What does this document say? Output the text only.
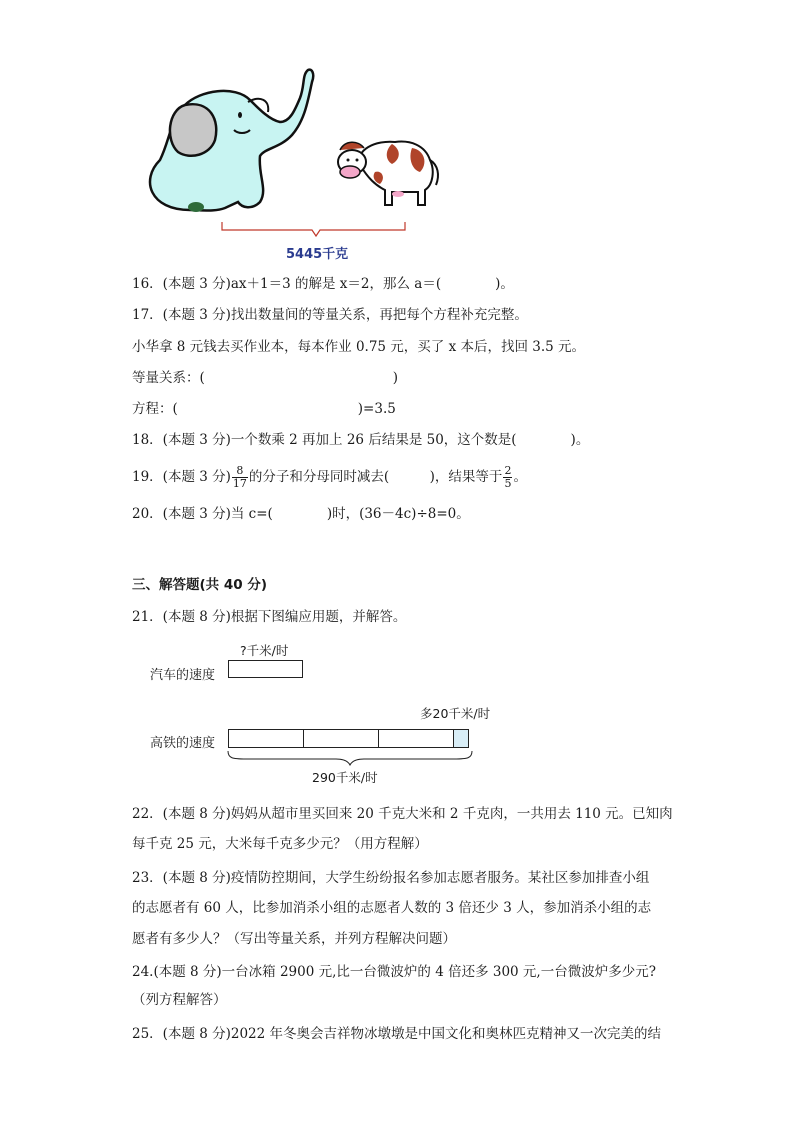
5445千克
16．(本题 3 分)ax＋1＝3 的解是 x＝2，那么 a＝(　　　　)。
17．(本题 3 分)找出数量间的等量关系，再把每个方程补充完整。
小华拿 8 元钱去买作业本，每本作业 0.75 元，买了 x 本后，找回 3.5 元。
等量关系：(	)
方程：(	)=3.5
18．(本题 3 分)一个数乘 2 再加上 26 后结果是 50，这个数是(　　　　)。
19．(本题 3 分) $\frac{8}{17}$ 的分子和分母同时减去(　　　)，结果等于 $\frac{2}{5}$ 。
20．(本题 3 分)当 c=(　　　　)时，(36－4c)÷8=0。
三、解答题(共 40 分)
21．(本题 8 分)根据下图编应用题，并解答。
?千米/时
汽车的速度
多20千米/时
高铁的速度
290千米/时
22．(本题 8 分)妈妈从超市里买回来 20 千克大米和 2 千克肉，一共用去 110 元。已知肉
每千克 25 元，大米每千克多少元？（用方程解）
23．(本题 8 分)疫情防控期间，大学生纷纷报名参加志愿者服务。某社区参加排查小组
的志愿者有 60 人，比参加消杀小组的志愿者人数的 3 倍还少 3 人，参加消杀小组的志
愿者有多少人？（写出等量关系，并列方程解决问题）
24.(本题 8 分)一台冰箱 2900 元,比一台微波炉的 4 倍还多 300 元,一台微波炉多少元?
（列方程解答）
25．(本题 8 分)2022 年冬奥会吉祥物冰墩墩是中国文化和奥林匹克精神又一次完美的结
